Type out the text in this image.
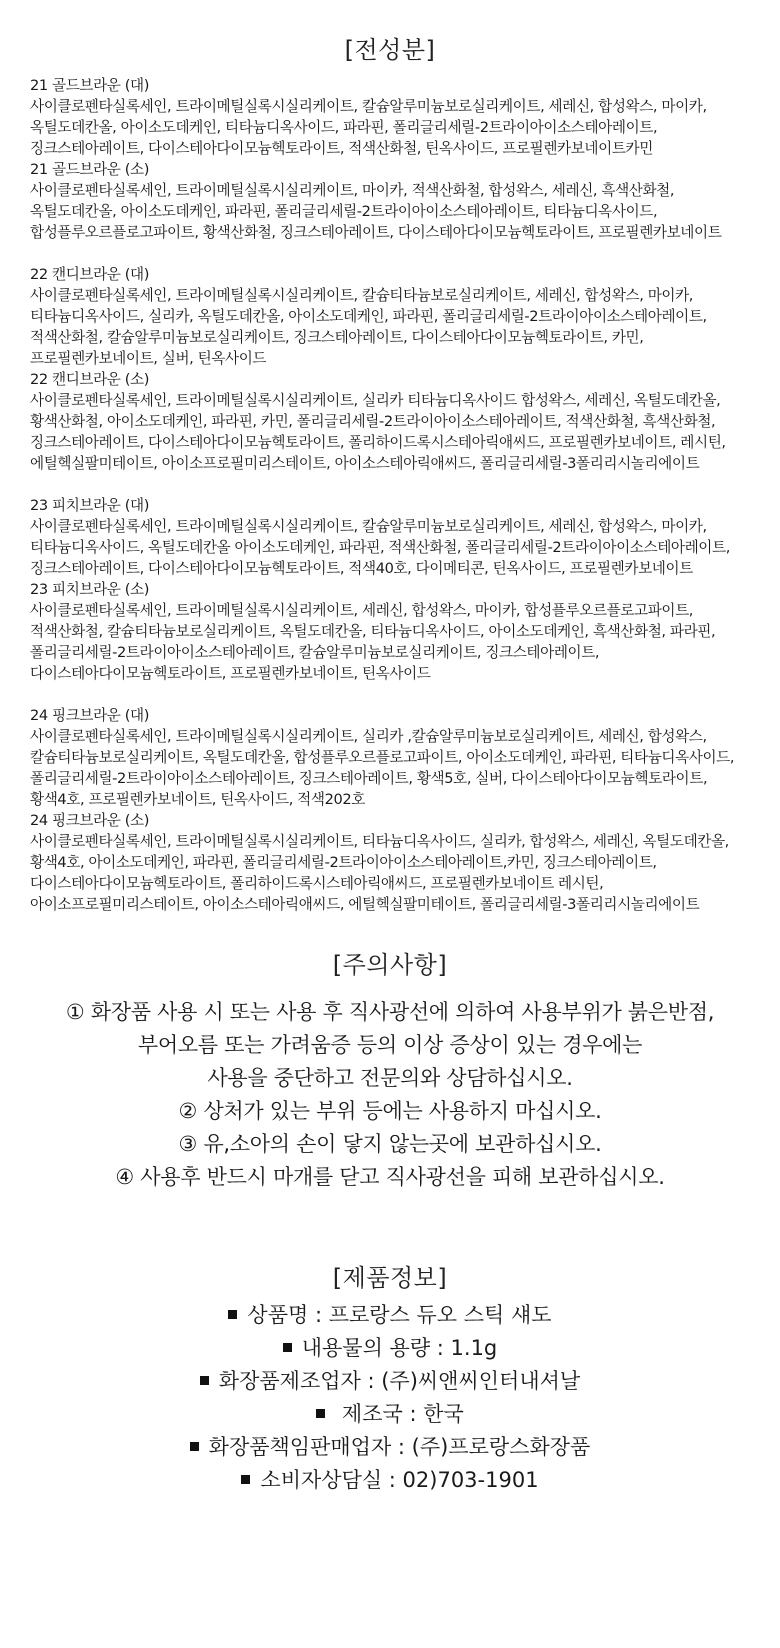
[전성분]
21 골드브라운 (대)
사이클로펜타실록세인, 트라이메틸실록시실리케이트, 칼슘알루미늄보로실리케이트, 세레신, 합성왁스, 마이카, 옥틸도데칸올, 아이소도데케인, 티타늄디옥사이드, 파라핀, 폴리글리세릴-2트라이아이소스테아레이트, 징크스테아레이트, 다이스테아다이모늄헥토라이트, 적색산화철, 틴옥사이드, 프로필렌카보네이트카민
21 골드브라운 (소)
사이클로펜타실록세인, 트라이메틸실록시실리케이트, 마이카, 적색산화철, 합성왁스, 세레신, 흑색산화철, 옥틸도데칸올, 아이소도데케인, 파라핀, 폴리글리세릴-2트라이아이소스테아레이트, 티타늄디옥사이드, 합성플루오르플로고파이트, 황색산화철, 징크스테아레이트, 다이스테아다이모늄헥토라이트, 프로필렌카보네이트
22 캔디브라운 (대)
사이클로펜타실록세인, 트라이메틸실록시실리케이트, 칼슘티타늄보로실리케이트, 세레신, 합성왁스, 마이카, 티타늄디옥사이드, 실리카, 옥틸도데칸올, 아이소도데케인, 파라핀, 폴리글리세릴-2트라이아이소스테아레이트, 적색산화철, 칼슘알루미늄보로실리케이트, 징크스테아레이트, 다이스테아다이모늄헥토라이트, 카민, 프로필렌카보네이트, 실버, 틴옥사이드
22 캔디브라운 (소)
사이클로펜타실록세인, 트라이메틸실록시실리케이트, 실리카 티타늄디옥사이드 합성왁스, 세레신, 옥틸도데칸올, 황색산화철, 아이소도데케인, 파라핀, 카민, 폴리글리세릴-2트라이아이소스테아레이트, 적색산화철, 흑색산화철, 징크스테아레이트, 다이스테아다이모늄헥토라이트, 폴리하이드록시스테아릭애씨드, 프로필렌카보네이트, 레시틴, 에틸헥실팔미테이트, 아이소프로필미리스테이트, 아이소스테아릭애씨드, 폴리글리세릴-3폴리리시놀리에이트
23 피치브라운 (대)
사이클로펜타실록세인, 트라이메틸실록시실리케이트, 칼슘알루미늄보로실리케이트, 세레신, 합성왁스, 마이카, 티타늄디옥사이드, 옥틸도데칸올 아이소도데케인, 파라핀, 적색산화철, 폴리글리세릴-2트라이아이소스테아레이트, 징크스테아레이트, 다이스테아다이모늄헥토라이트, 적색40호, 다이메티콘, 틴옥사이드, 프로필렌카보네이트
23 피치브라운 (소)
사이클로펜타실록세인, 트라이메틸실록시실리케이트, 세레신, 합성왁스, 마이카, 합성플루오르플로고파이트, 적색산화철, 칼슘티타늄보로실리케이트, 옥틸도데칸올, 티타늄디옥사이드, 아이소도데케인, 흑색산화철, 파라핀, 폴리글리세릴-2트라이아이소스테아레이트, 칼슘알루미늄보로실리케이트, 징크스테아레이트, 다이스테아다이모늄헥토라이트, 프로필렌카보네이트, 틴옥사이드
24 핑크브라운 (대)
사이클로펜타실록세인, 트라이메틸실록시실리케이트, 실리카 ,칼슘알루미늄보로실리케이트, 세레신, 합성왁스, 칼슘티타늄보로실리케이트, 옥틸도데칸올, 합성플루오르플로고파이트, 아이소도데케인, 파라핀, 티타늄디옥사이드, 폴리글리세릴-2트라이아이소스테아레이트, 징크스테아레이트, 황색5호, 실버, 다이스테아다이모늄헥토라이트, 황색4호, 프로필렌카보네이트, 틴옥사이드, 적색202호
24 핑크브라운 (소)
사이클로펜타실록세인, 트라이메틸실록시실리케이트, 티타늄디옥사이드, 실리카, 합성왁스, 세레신, 옥틸도데칸올, 황색4호, 아이소도데케인, 파라핀, 폴리글리세릴-2트라이아이소스테아레이트,카민, 징크스테아레이트, 다이스테아다이모늄헥토라이트, 폴리하이드록시스테아릭애씨드, 프로필렌카보네이트 레시틴, 아이소프로필미리스테이트, 아이소스테아릭애씨드, 에틸헥실팔미테이트, 폴리글리세릴-3폴리리시놀리에이트
[주의사항]

① 화장품 사용 시 또는 사용 후 직사광선에 의하여 사용부위가 붉은반점,

부어오름 또는 가려움증 등의 이상 증상이 있는 경우에는

사용을 중단하고 전문의와 상담하십시오.

② 상처가 있는 부위 등에는 사용하지 마십시오.

③ 유,소아의 손이 닿지 않는곳에 보관하십시오.

④ 사용후 반드시 마개를 닫고 직사광선을 피해 보관하십시오.

[제품정보]

상품명 : 프로랑스 듀오 스틱 섀도

내용물의 용량 : 1.1g

화장품제조업자 : (주)씨앤씨인터내셔날

제조국 : 한국

화장품책임판매업자 : (주)프로랑스화장품

소비자상담실 : 02)703-1901
